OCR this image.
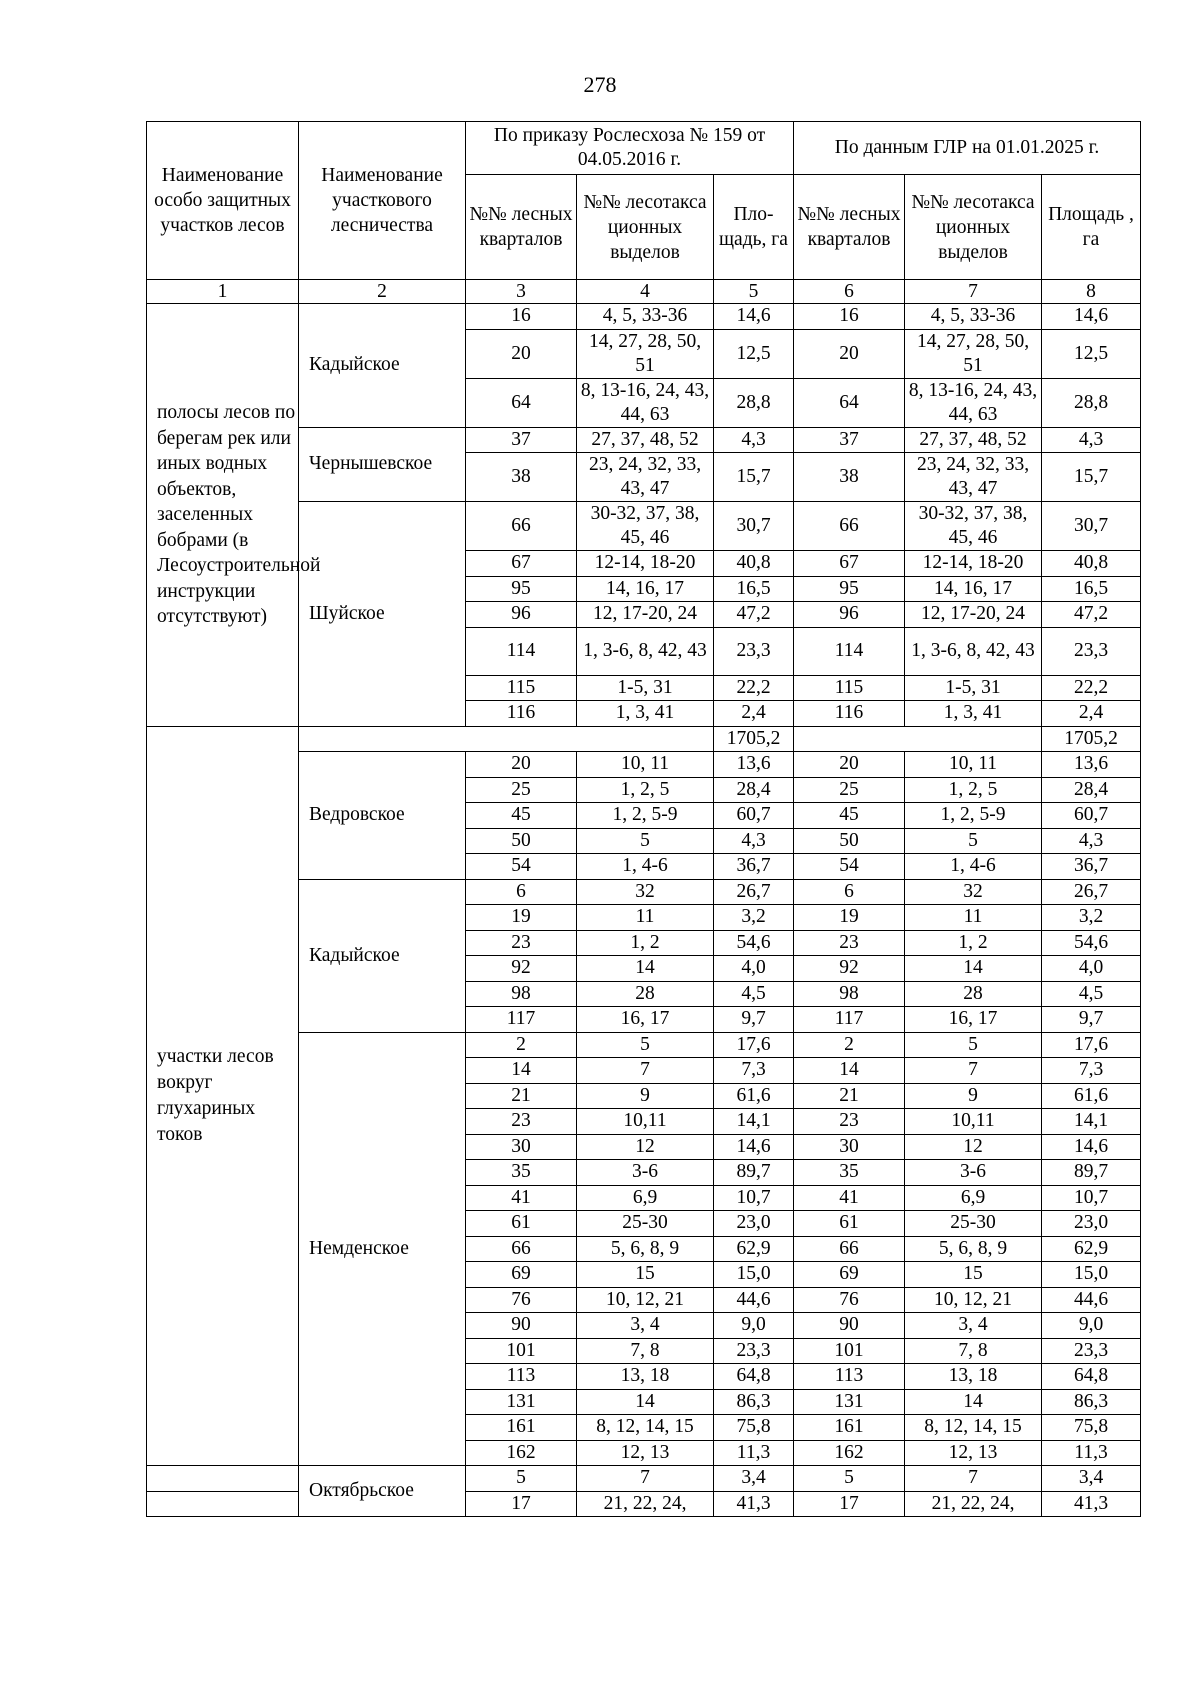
278
Наименование особо защитных участков лесов	Наименование участкового лесничества	По приказу Рослесхоза № 159 от 04.05.2016 г.			По данным ГЛР на 01.01.2025 г.		
		№№ лесных кварталов	№№ лесотакса ционных выделов	Пло-щадь, га	№№ лесных кварталов	№№ лесотакса ционных выделов	Площадь , га
1	2	3	4	5	6	7	8
полосы лесов по берегам рек или иных водных объектов, заселенных бобрами (в Лесоустроительной инструкции отсутствуют)	Кадыйское	16	4, 5, 33-36	14,6	16	4, 5, 33-36	14,6
		20	14, 27, 28, 50, 51	12,5	20	14, 27, 28, 50, 51	12,5
		64	8, 13-16, 24, 43, 44, 63	28,8	64	8, 13-16, 24, 43, 44, 63	28,8
	Чернышевское	37	27, 37, 48, 52	4,3	37	27, 37, 48, 52	4,3
		38	23, 24, 32, 33, 43, 47	15,7	38	23, 24, 32, 33, 43, 47	15,7
	Шуйское	66	30-32, 37, 38, 45, 46	30,7	66	30-32, 37, 38, 45, 46	30,7
		67	12-14, 18-20	40,8	67	12-14, 18-20	40,8
		95	14, 16, 17	16,5	95	14, 16, 17	16,5
		96	12, 17-20, 24	47,2	96	12, 17-20, 24	47,2
		114	1, 3-6, 8, 42, 43	23,3	114	1, 3-6, 8, 42, 43	23,3
		115	1-5, 31	22,2	115	1-5, 31	22,2
		116	1, 3, 41	2,4	116	1, 3, 41	2,4
участки лесов вокруг глухариных токов				1705,2			1705,2
	Ведровское	20	10, 11	13,6	20	10, 11	13,6
		25	1, 2, 5	28,4	25	1, 2, 5	28,4
		45	1, 2, 5-9	60,7	45	1, 2, 5-9	60,7
		50	5	4,3	50	5	4,3
		54	1, 4-6	36,7	54	1, 4-6	36,7
	Кадыйское	6	32	26,7	6	32	26,7
		19	11	3,2	19	11	3,2
		23	1, 2	54,6	23	1, 2	54,6
		92	14	4,0	92	14	4,0
		98	28	4,5	98	28	4,5
		117	16, 17	9,7	117	16, 17	9,7
	Немденское	2	5	17,6	2	5	17,6
		14	7	7,3	14	7	7,3
		21	9	61,6	21	9	61,6
		23	10,11	14,1	23	10,11	14,1
		30	12	14,6	30	12	14,6
		35	3-6	89,7	35	3-6	89,7
		41	6,9	10,7	41	6,9	10,7
		61	25-30	23,0	61	25-30	23,0
		66	5, 6, 8, 9	62,9	66	5, 6, 8, 9	62,9
		69	15	15,0	69	15	15,0
		76	10, 12, 21	44,6	76	10, 12, 21	44,6
		90	3, 4	9,0	90	3, 4	9,0
		101	7, 8	23,3	101	7, 8	23,3
		113	13, 18	64,8	113	13, 18	64,8
		131	14	86,3	131	14	86,3
		161	8, 12, 14, 15	75,8	161	8, 12, 14, 15	75,8
		162	12, 13	11,3	162	12, 13	11,3
	Октябрьское	5	7	3,4	5	7	3,4
		17	21, 22, 24,	41,3	17	21, 22, 24,	41,3
